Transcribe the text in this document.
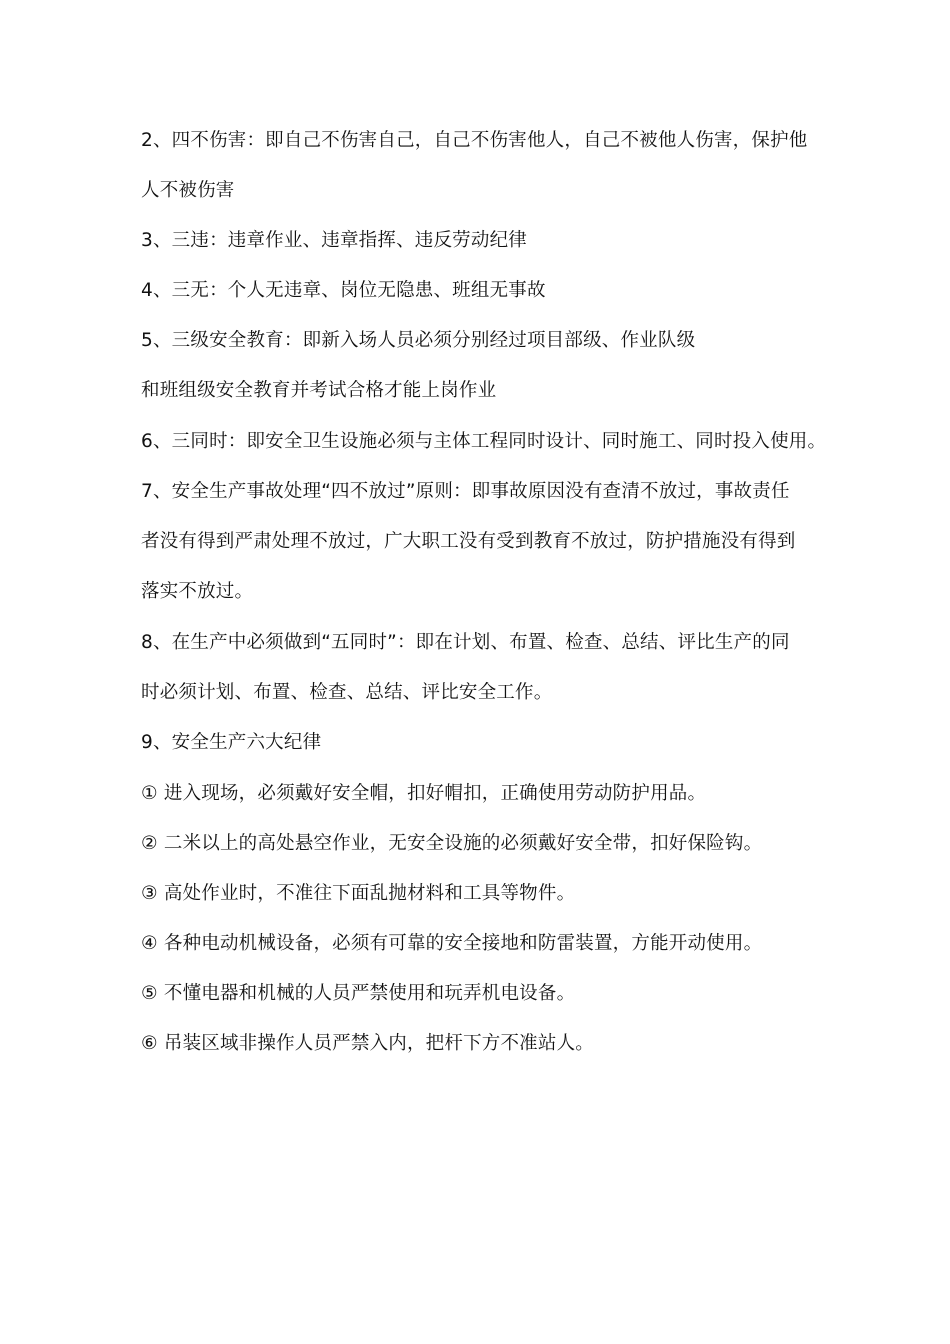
2、四不伤害：即自己不伤害自己，自己不伤害他人，自己不被他人伤害，保护他
人不被伤害
3、三违：违章作业、违章指挥、违反劳动纪律
4、三无：个人无违章、岗位无隐患、班组无事故
5、三级安全教育：即新入场人员必须分别经过项目部级、作业队级
和班组级安全教育并考试合格才能上岗作业
6、三同时：即安全卫生设施必须与主体工程同时设计、同时施工、同时投入使用。
7、安全生产事故处理“四不放过”原则：即事故原因没有查清不放过，事故责任
者没有得到严肃处理不放过，广大职工没有受到教育不放过，防护措施没有得到
落实不放过。
8、在生产中必须做到“五同时”：即在计划、布置、检查、总结、评比生产的同
时必须计划、布置、检查、总结、评比安全工作。
9、安全生产六大纪律
① 进入现场，必须戴好安全帽，扣好帽扣，正确使用劳动防护用品。
② 二米以上的高处悬空作业，无安全设施的必须戴好安全带，扣好保险钩。
③ 高处作业时，不准往下面乱抛材料和工具等物件。
④ 各种电动机械设备，必须有可靠的安全接地和防雷装置，方能开动使用。
⑤ 不懂电器和机械的人员严禁使用和玩弄机电设备。
⑥ 吊装区域非操作人员严禁入内，把杆下方不准站人。
